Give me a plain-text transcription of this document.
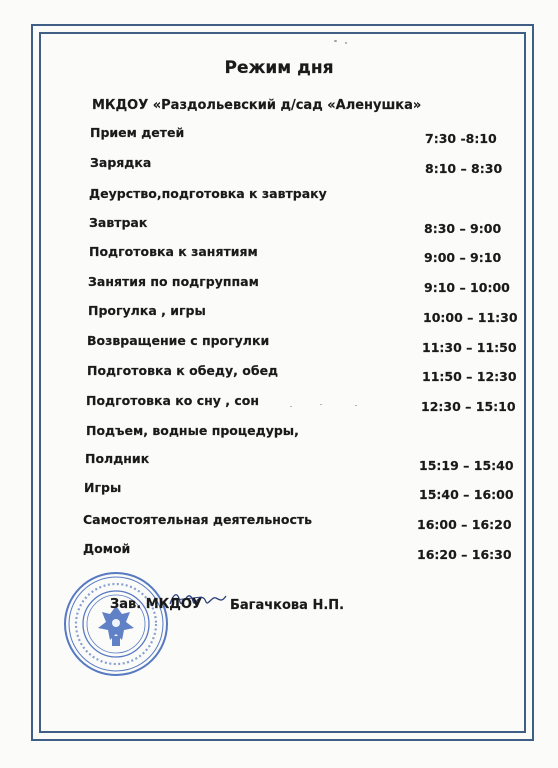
Режим дня
МКДОУ «Раздольевский д/сад «Аленушка»
Прием детей	7:30 -8:10
Зарядка	8:10 – 8:30
Деурство,подготовка к завтраку
Завтрак	8:30 – 9:00
Подготовка к занятиям	9:00 – 9:10
Занятия по подгруппам	9:10 – 10:00
Прогулка , игры	10:00 – 11:30
Возвращение с прогулки	11:30 – 11:50
Подготовка к обеду, обед	11:50 – 12:30
Подготовка ко сну , сон	12:30 – 15:10
Подъем, водные процедуры,
Полдник	15:19 – 15:40
Игры	15:40 – 16:00
Самостоятельная деятельность	16:00 – 16:20
Домой	16:20 – 16:30
Зав. МКДОУ Багачкова Н.П.
